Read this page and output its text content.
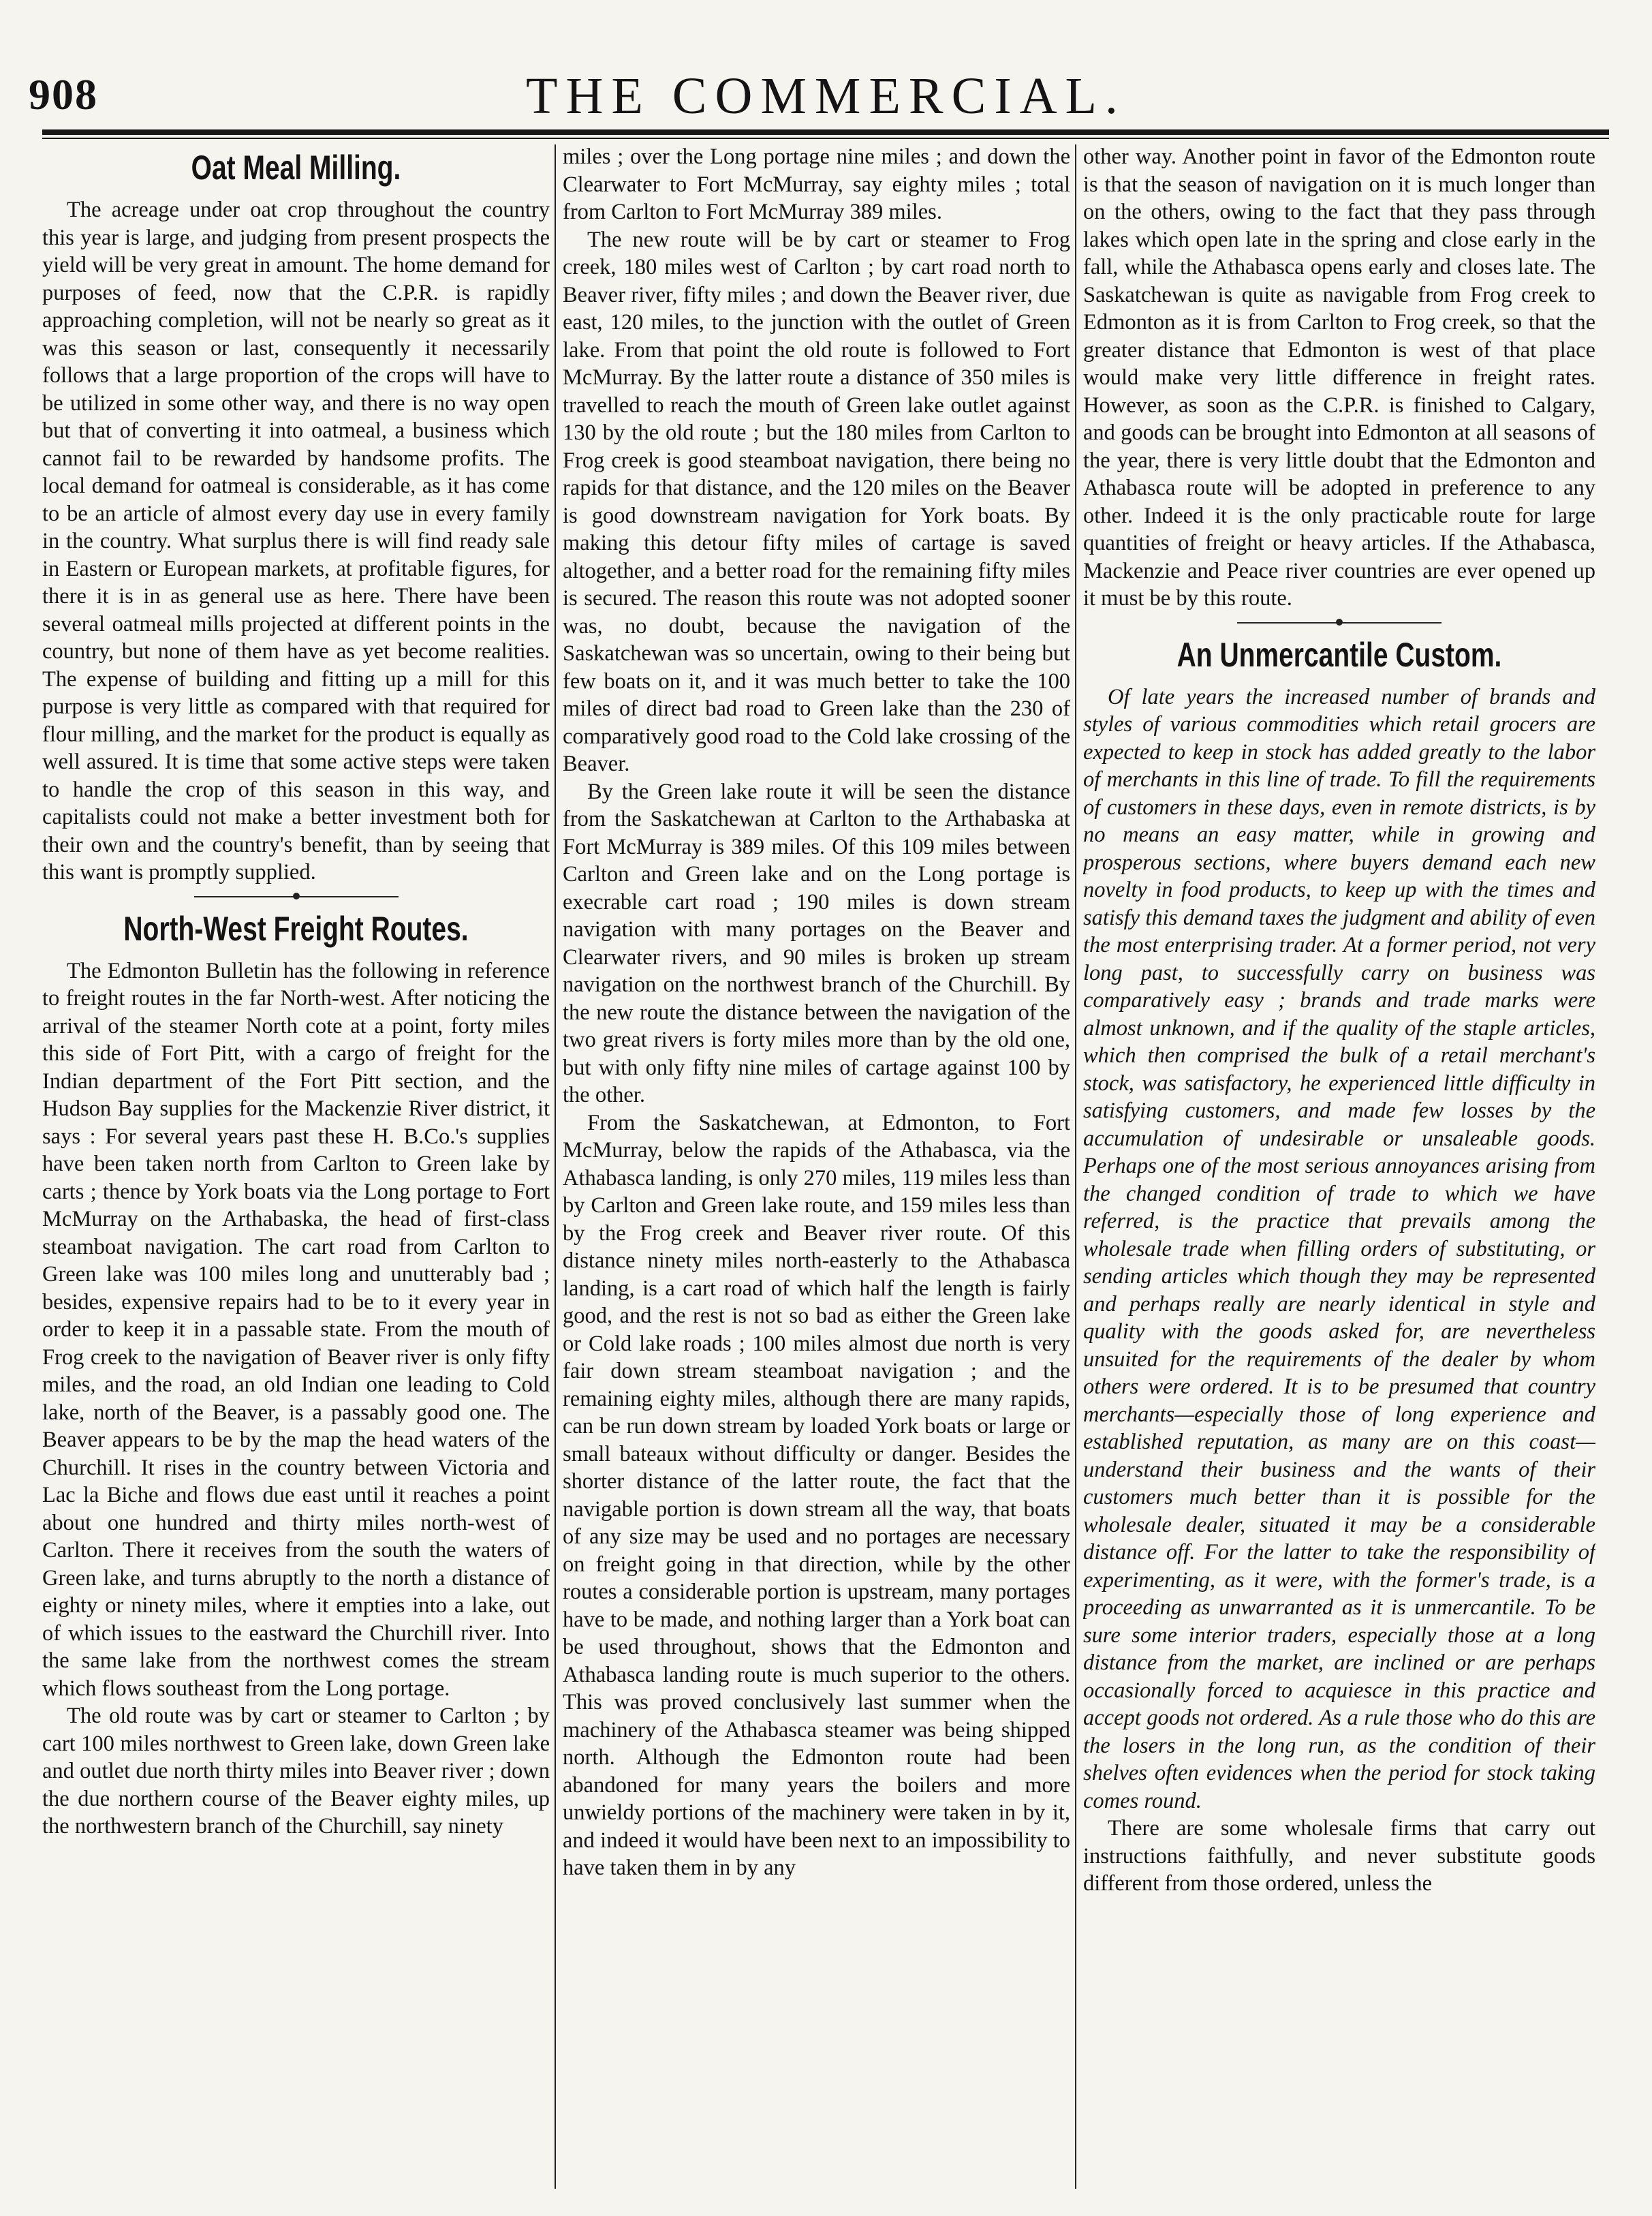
908	THE COMMERCIAL.
Oat Meal Milling.

The acreage under oat crop throughout the country this year is large, and judging from present prospects the yield will be very great in amount. The home demand for purposes of feed, now that the C.P.R. is rapidly approaching completion, will not be nearly so great as it was this season or last, consequently it necessarily follows that a large proportion of the crops will have to be utilized in some other way, and there is no way open but that of converting it into oatmeal, a business which cannot fail to be rewarded by handsome profits. The local demand for oatmeal is considerable, as it has come to be an article of almost every day use in every family in the country. What surplus there is will find ready sale in Eastern or European markets, at profitable figures, for there it is in as general use as here. There have been several oatmeal mills projected at different points in the country, but none of them have as yet become realities. The expense of building and fitting up a mill for this purpose is very little as compared with that required for flour milling, and the market for the product is equally as well assured. It is time that some active steps were taken to handle the crop of this season in this way, and capitalists could not make a better investment both for their own and the country's benefit, than by seeing that this want is promptly supplied.

North-West Freight Routes.

The Edmonton Bulletin has the following in reference to freight routes in the far North-west. After noticing the arrival of the steamer North cote at a point, forty miles this side of Fort Pitt, with a cargo of freight for the Indian department of the Fort Pitt section, and the Hudson Bay supplies for the Mackenzie River district, it says : For several years past these H. B.Co.'s supplies have been taken north from Carlton to Green lake by carts ; thence by York boats via the Long portage to Fort McMurray on the Arthabaska, the head of first-class steamboat navigation. The cart road from Carlton to Green lake was 100 miles long and unutterably bad ; besides, expensive repairs had to be to it every year in order to keep it in a passable state. From the mouth of Frog creek to the navigation of Beaver river is only fifty miles, and the road, an old Indian one leading to Cold lake, north of the Beaver, is a passably good one. The Beaver appears to be by the map the head waters of the Churchill. It rises in the country between Victoria and Lac la Biche and flows due east until it reaches a point about one hundred and thirty miles north-west of Carlton. There it receives from the south the waters of Green lake, and turns abruptly to the north a distance of eighty or ninety miles, where it empties into a lake, out of which issues to the eastward the Churchill river. Into the same lake from the northwest comes the stream which flows southeast from the Long portage.

The old route was by cart or steamer to Carlton ; by cart 100 miles northwest to Green lake, down Green lake and outlet due north thirty miles into Beaver river ; down the due northern course of the Beaver eighty miles, up the northwestern branch of the Churchill, say ninety

miles ; over the Long portage nine miles ; and down the Clearwater to Fort McMurray, say eighty miles ; total from Carlton to Fort McMurray 389 miles.

The new route will be by cart or steamer to Frog creek, 180 miles west of Carlton ; by cart road north to Beaver river, fifty miles ; and down the Beaver river, due east, 120 miles, to the junction with the outlet of Green lake. From that point the old route is followed to Fort McMurray. By the latter route a distance of 350 miles is travelled to reach the mouth of Green lake outlet against 130 by the old route ; but the 180 miles from Carlton to Frog creek is good steamboat navigation, there being no rapids for that distance, and the 120 miles on the Beaver is good downstream navigation for York boats. By making this detour fifty miles of cartage is saved altogether, and a better road for the remaining fifty miles is secured. The reason this route was not adopted sooner was, no doubt, because the navigation of the Saskatchewan was so uncertain, owing to their being but few boats on it, and it was much better to take the 100 miles of direct bad road to Green lake than the 230 of comparatively good road to the Cold lake crossing of the Beaver.

By the Green lake route it will be seen the distance from the Saskatchewan at Carlton to the Arthabaska at Fort McMurray is 389 miles. Of this 109 miles between Carlton and Green lake and on the Long portage is execrable cart road ; 190 miles is down stream navigation with many portages on the Beaver and Clearwater rivers, and 90 miles is broken up stream navigation on the northwest branch of the Churchill. By the new route the distance between the navigation of the two great rivers is forty miles more than by the old one, but with only fifty nine miles of cartage against 100 by the other.

From the Saskatchewan, at Edmonton, to Fort McMurray, below the rapids of the Athabasca, via the Athabasca landing, is only 270 miles, 119 miles less than by Carlton and Green lake route, and 159 miles less than by the Frog creek and Beaver river route. Of this distance ninety miles north-easterly to the Athabasca landing, is a cart road of which half the length is fairly good, and the rest is not so bad as either the Green lake or Cold lake roads ; 100 miles almost due north is very fair down stream steamboat navigation ; and the remaining eighty miles, although there are many rapids, can be run down stream by loaded York boats or large or small bateaux without difficulty or danger. Besides the shorter distance of the latter route, the fact that the navigable portion is down stream all the way, that boats of any size may be used and no portages are necessary on freight going in that direction, while by the other routes a considerable portion is upstream, many portages have to be made, and nothing larger than a York boat can be used throughout, shows that the Edmonton and Athabasca landing route is much superior to the others. This was proved conclusively last summer when the machinery of the Athabasca steamer was being shipped north. Although the Edmonton route had been abandoned for many years the boilers and more unwieldy portions of the machinery were taken in by it, and indeed it would have been next to an impossibility to have taken them in by any

other way. Another point in favor of the Edmonton route is that the season of navigation on it is much longer than on the others, owing to the fact that they pass through lakes which open late in the spring and close early in the fall, while the Athabasca opens early and closes late. The Saskatchewan is quite as navigable from Frog creek to Edmonton as it is from Carlton to Frog creek, so that the greater distance that Edmonton is west of that place would make very little difference in freight rates. However, as soon as the C.P.R. is finished to Calgary, and goods can be brought into Edmonton at all seasons of the year, there is very little doubt that the Edmonton and Athabasca route will be adopted in preference to any other. Indeed it is the only practicable route for large quantities of freight or heavy articles. If the Athabasca, Mackenzie and Peace river countries are ever opened up it must be by this route.

An Unmercantile Custom.

Of late years the increased number of brands and styles of various commodities which retail grocers are expected to keep in stock has added greatly to the labor of merchants in this line of trade. To fill the requirements of customers in these days, even in remote districts, is by no means an easy matter, while in growing and prosperous sections, where buyers demand each new novelty in food products, to keep up with the times and satisfy this demand taxes the judgment and ability of even the most enterprising trader. At a former period, not very long past, to successfully carry on business was comparatively easy ; brands and trade marks were almost unknown, and if the quality of the staple articles, which then comprised the bulk of a retail merchant's stock, was satisfactory, he experienced little difficulty in satisfying customers, and made few losses by the accumulation of undesirable or unsaleable goods. Perhaps one of the most serious annoyances arising from the changed condition of trade to which we have referred, is the practice that prevails among the wholesale trade when filling orders of substituting, or sending articles which though they may be represented and perhaps really are nearly identical in style and quality with the goods asked for, are nevertheless unsuited for the requirements of the dealer by whom others were ordered. It is to be presumed that country merchants—especially those of long experience and established reputation, as many are on this coast—understand their business and the wants of their customers much better than it is possible for the wholesale dealer, situated it may be a considerable distance off. For the latter to take the responsibility of experimenting, as it were, with the former's trade, is a proceeding as unwarranted as it is unmercantile. To be sure some interior traders, especially those at a long distance from the market, are inclined or are perhaps occasionally forced to acquiesce in this practice and accept goods not ordered. As a rule those who do this are the losers in the long run, as the condition of their shelves often evidences when the period for stock taking comes round.

There are some wholesale firms that carry out instructions faithfully, and never substitute goods different from those ordered, unless the
